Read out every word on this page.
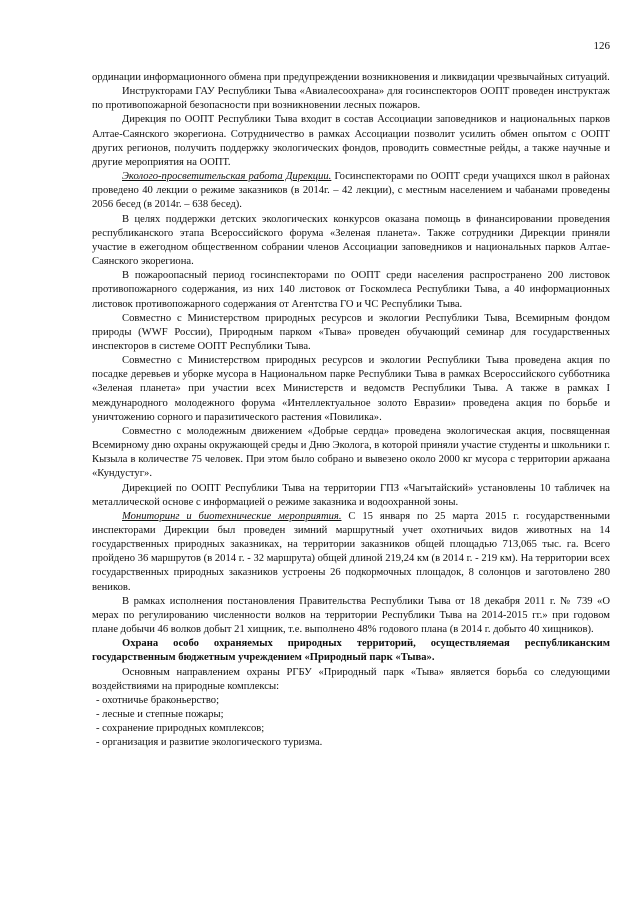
126

ординации информационного обмена при предупреждении возникновения и ликвидации чрезвычайных ситуаций.

Инструкторами ГАУ Республики Тыва «Авиалесоохрана» для госинспекторов ООПТ проведен инструктаж по противопожарной безопасности при возникновении лесных пожаров.

Дирекция по ООПТ Республики Тыва входит в состав Ассоциации заповедников и национальных парков Алтае-Саянского экорегиона. Сотрудничество в рамках Ассоциации позволит усилить обмен опытом с ООПТ других регионов, получить поддержку экологических фондов, проводить совместные рейды, а также научные и другие мероприятия на ООПТ.

Эколого-просветительская работа Дирекции. Госинспекторами по ООПТ среди учащихся школ в районах проведено 40 лекции о режиме заказников (в 2014г. – 42 лекции), с местным населением и чабанами проведены 2056 бесед (в 2014г. – 638 бесед).

В целях поддержки детских экологических конкурсов оказана помощь в финансировании проведения республиканского этапа Всероссийского форума «Зеленая планета». Также сотрудники Дирекции приняли участие в ежегодном общественном собрании членов Ассоциации заповедников и национальных парков Алтае-Саянского экорегиона.

В пожароопасный период госинспекторами по ООПТ среди населения распространено 200 листовок противопожарного содержания, из них 140 листовок от Госкомлеса Республики Тыва, а 40 информационных листовок противопожарного содержания от Агентства ГО и ЧС Республики Тыва.

Совместно с Министерством природных ресурсов и экологии Республики Тыва, Всемирным фондом природы (WWF России), Природным парком «Тыва» проведен обучающий семинар для государственных инспекторов в системе ООПТ Республики Тыва.

Совместно с Министерством природных ресурсов и экологии Республики Тыва проведена акция по посадке деревьев и уборке мусора в Национальном парке Республики Тыва в рамках Всероссийского субботника «Зеленая планета» при участии всех Министерств и ведомств Республики Тыва. А также в рамках I международного молодежного форума «Интеллектуальное золото Евразии» проведена акция по борьбе и уничтожению сорного и паразитического растения «Повилика».

Совместно с молодежным движением «Добрые сердца» проведена экологическая акция, посвященная Всемирному дню охраны окружающей среды и Дню Эколога, в которой приняли участие студенты и школьники г. Кызыла в количестве 75 человек. При этом было собрано и вывезено около 2000 кг мусора с территории аржаана «Кундустуг».

Дирекцией по ООПТ Республики Тыва на территории ГПЗ «Чагытайский» установлены 10 табличек на металлической основе с информацией о режиме заказника и водоохранной зоны.

Мониторинг и биотехнические мероприятия. С 15 января по 25 марта 2015 г. государственными инспекторами Дирекции был проведен зимний маршрутный учет охотничьих видов животных на 14 государственных природных заказниках, на территории заказников общей площадью 713,065 тыс. га. Всего пройдено 36 маршрутов (в 2014 г. - 32 маршрута) общей длиной 219,24 км (в 2014 г. - 219 км). На территории всех государственных природных заказников устроены 26 подкормочных площадок, 8 солонцов и заготовлено 280 веников.

В рамках исполнения постановления Правительства Республики Тыва от 18 декабря 2011 г. № 739 «О мерах по регулированию численности волков на территории Республики Тыва на 2014-2015 гг.» при годовом плане добычи 46 волков добыт 21 хищник, т.е. выполнено 48% годового плана (в 2014 г. добыто 40 хищников).

Охрана особо охраняемых природных территорий, осуществляемая республиканским государственным бюджетным учреждением «Природный парк «Тыва».

Основным направлением охраны РГБУ «Природный парк «Тыва» является борьба со следующими воздействиями на природные комплексы:

- охотничье браконьерство;
- лесные и степные пожары;
- сохранение природных комплексов;
- организация и развитие экологического туризма.
